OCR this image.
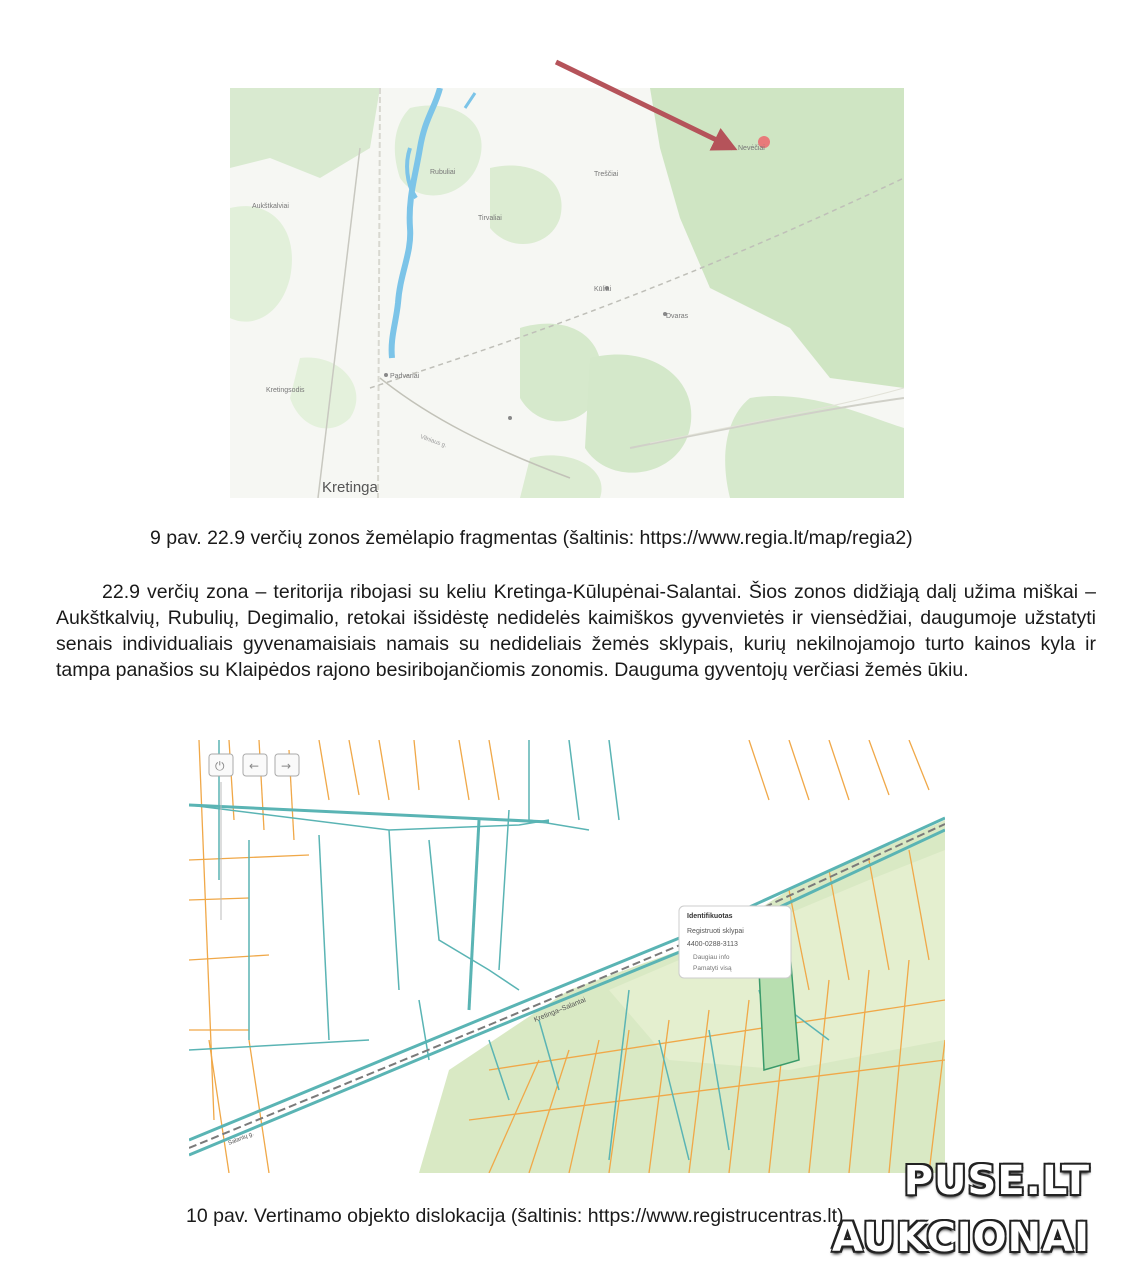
Kretinga
Kretingsodis
Padvariai
Aukštkalviai
Rubuliai	Treščiai
Tirvaliai
Kūliai
Dvaras
Nevėčiai
Vilniaus g.
9 pav. 22.9 verčių zonos žemėlapio fragmentas (šaltinis: https://www.regia.lt/map/regia2)

22.9 verčių zona – teritorija ribojasi su keliu Kretinga-Kūlupėnai-Salantai. Šios zonos didžiąją dalį užima miškai – Aukštkalvių, Rubulių, Degimalio, retokai išsidėstę nedidelės kaimiškos gyvenvietės ir viensėdžiai, daugumoje užstatyti senais individualiais gyvenamaisiais namais su nedideliais žemės sklypais, kurių nekilnojamojo turto kainos kyla ir tampa panašios su Klaipėdos rajono besiribojančiomis zonomis. Dauguma gyventojų verčiasi žemės ūkiu.

⏻ ← →
Kretinga–Salantai
Salantų g.
Identifikuotas
Registruoti sklypai
4400-0288-3113
Daugiau info
Pamatyti visą
10 pav. Vertinamo objekto dislokacija (šaltinis: https://www.registrucentras.lt)
PUSE.LT
AUKCIONAI
